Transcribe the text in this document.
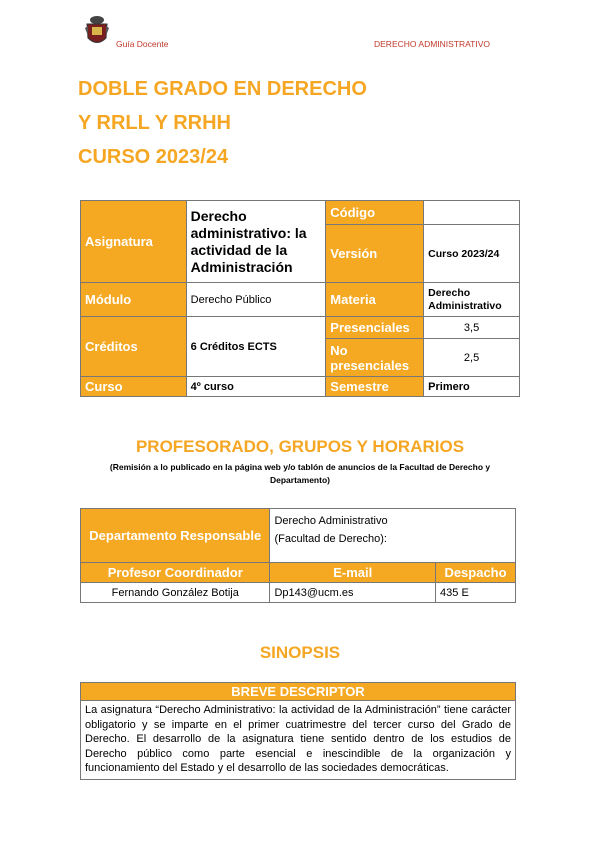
Guía Docente	DERECHO ADMINISTRATIVO
DOBLE GRADO EN DERECHO
Y RRLL Y RRHH
CURSO 2023/24
Asignatura	Derecho administrativo: la actividad de la Administración	Código	
		Versión	Curso 2023/24
Módulo	Derecho Público	Materia	Derecho Administrativo
Créditos	6 Créditos ECTS	Presenciales	3,5
		No presenciales	2,5
Curso	4º curso	Semestre	Primero
PROFESORADO, GRUPOS Y HORARIOS
(Remisión a lo publicado en la página web y/o tablón de anuncios de la Facultad de Derecho y Departamento)
Departamento Responsable	Derecho Administrativo
(Facultad de Derecho):	

Profesor Coordinador	E-mail	Despacho
Fernando González Botija	Dp143@ucm.es	435 E
SINOPSIS
BREVE DESCRIPTOR
La asignatura “Derecho Administrativo: la actividad de la Administración” tiene carácter obligatorio y se imparte en el primer cuatrimestre del tercer curso del Grado de Derecho. El desarrollo de la asignatura tiene sentido dentro de los estudios de Derecho público como parte esencial e inescindible de la organización y funcionamiento del Estado y el desarrollo de las sociedades democráticas.
